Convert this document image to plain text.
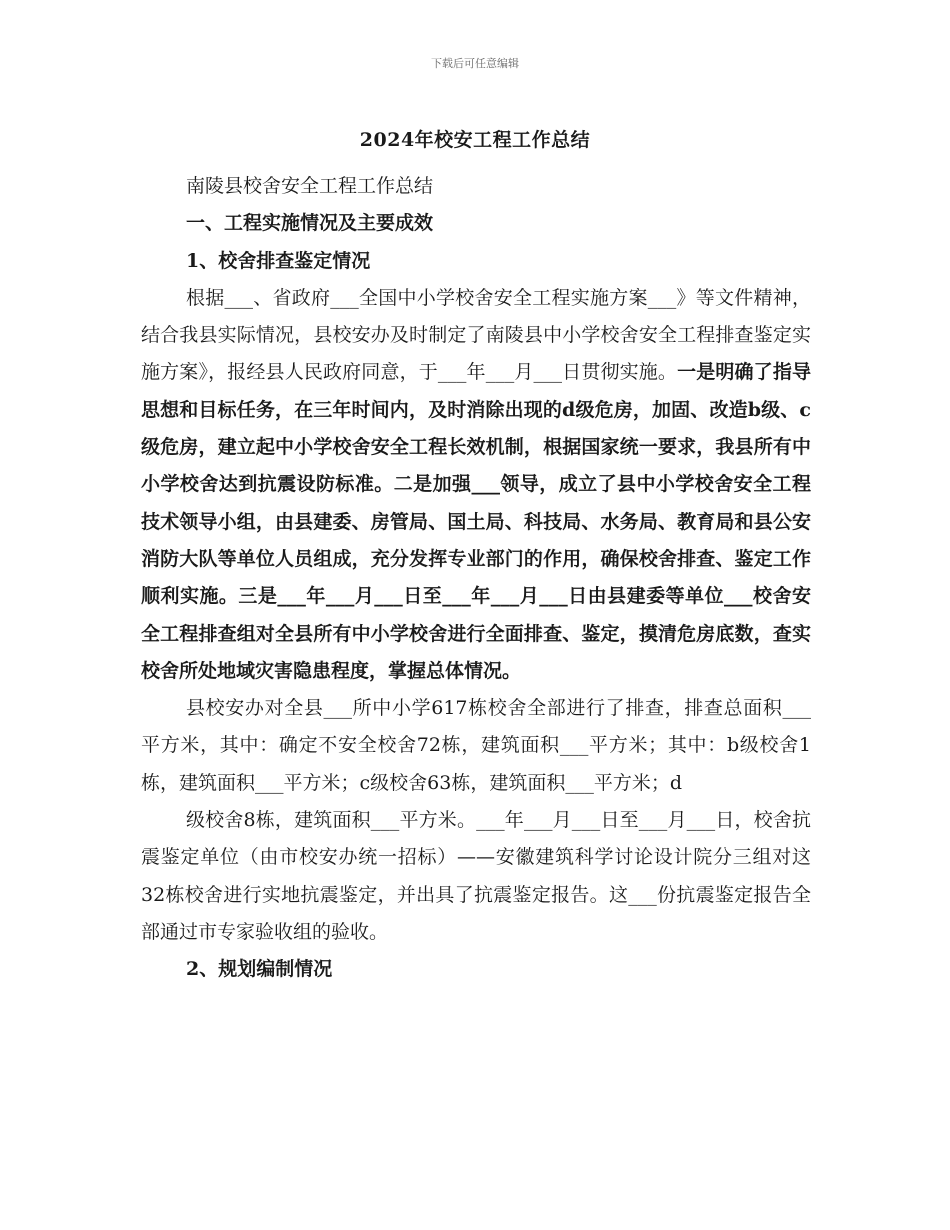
下载后可任意编辑
2024年校安工程工作总结

南陵县校舍安全工程工作总结

一、工程实施情况及主要成效

1、校舍排查鉴定情况

根据___、省政府___全国中小学校舍安全工程实施方案___》等文件精神，结合我县实际情况，县校安办及时制定了南陵县中小学校舍安全工程排查鉴定实施方案》，报经县人民政府同意，于___年___月___日贯彻实施。一是明确了指导思想和目标任务，在三年时间内，及时消除出现的d级危房，加固、改造b级、c级危房，建立起中小学校舍安全工程长效机制，根据国家统一要求，我县所有中小学校舍达到抗震设防标准。二是加强___领导，成立了县中小学校舍安全工程技术领导小组，由县建委、房管局、国土局、科技局、水务局、教育局和县公安消防大队等单位人员组成，充分发挥专业部门的作用，确保校舍排查、鉴定工作顺利实施。三是___年___月___日至___年___月___日由县建委等单位___校舍安全工程排查组对全县所有中小学校舍进行全面排查、鉴定，摸清危房底数，查实校舍所处地域灾害隐患程度，掌握总体情况。

县校安办对全县___所中小学617栋校舍全部进行了排查，排查总面积___平方米，其中：确定不安全校舍72栋，建筑面积___平方米；其中：b级校舍1栋，建筑面积___平方米；c级校舍63栋，建筑面积___平方米；d

级校舍8栋，建筑面积___平方米。___年___月___日至___月___日，校舍抗震鉴定单位（由市校安办统一招标）——安徽建筑科学讨论设计院分三组对这32栋校舍进行实地抗震鉴定，并出具了抗震鉴定报告。这___份抗震鉴定报告全部通过市专家验收组的验收。

2、规划编制情况
